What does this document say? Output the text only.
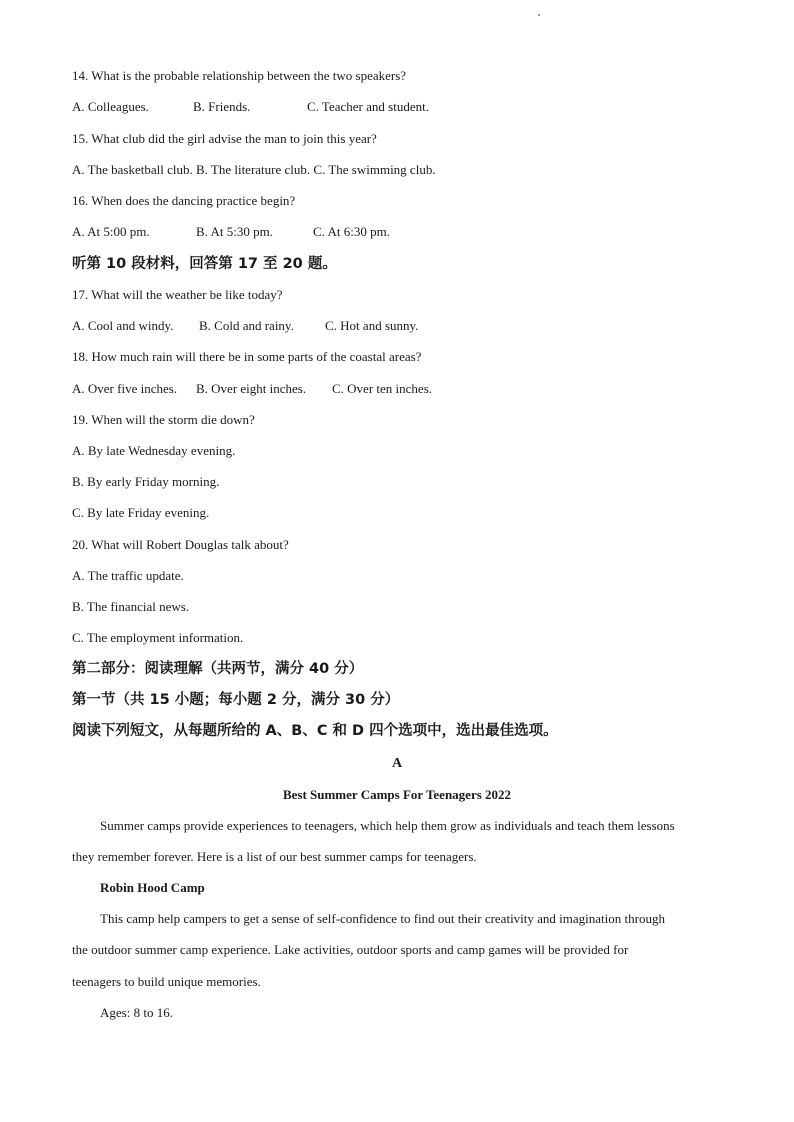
14. What is the probable relationship between the two speakers?
A. Colleagues.	B. Friends.	C. Teacher and student.
15. What club did the girl advise the man to join this year?
A. The basketball club. B. The literature club. C. The swimming club.
16. When does the dancing practice begin?
A. At 5:00 pm.	B. At 5:30 pm.	C. At 6:30 pm.
听第 10 段材料，回答第 17 至 20 题。
17. What will the weather be like today?
A. Cool and windy. B. Cold and rainy. C. Hot and sunny.
18. How much rain will there be in some parts of the coastal areas?
A. Over five inches. B. Over eight inches. C. Over ten inches.
19. When will the storm die down?
A. By late Wednesday evening.
B. By early Friday morning.
C. By late Friday evening.
20. What will Robert Douglas talk about?
A. The traffic update.
B. The financial news.
C. The employment information.
第二部分：阅读理解（共两节，满分 40 分）
第一节（共 15 小题；每小题 2 分，满分 30 分）
阅读下列短文，从每题所给的 A、B、C 和 D 四个选项中，选出最佳选项。
A
Best Summer Camps For Teenagers 2022
Summer camps provide experiences to teenagers, which help them grow as individuals and teach them lessons
they remember forever. Here is a list of our best summer camps for teenagers.
Robin Hood Camp
This camp help campers to get a sense of self-confidence to find out their creativity and imagination through
the outdoor summer camp experience. Lake activities, outdoor sports and camp games will be provided for
teenagers to build unique memories.
Ages: 8 to 16.
